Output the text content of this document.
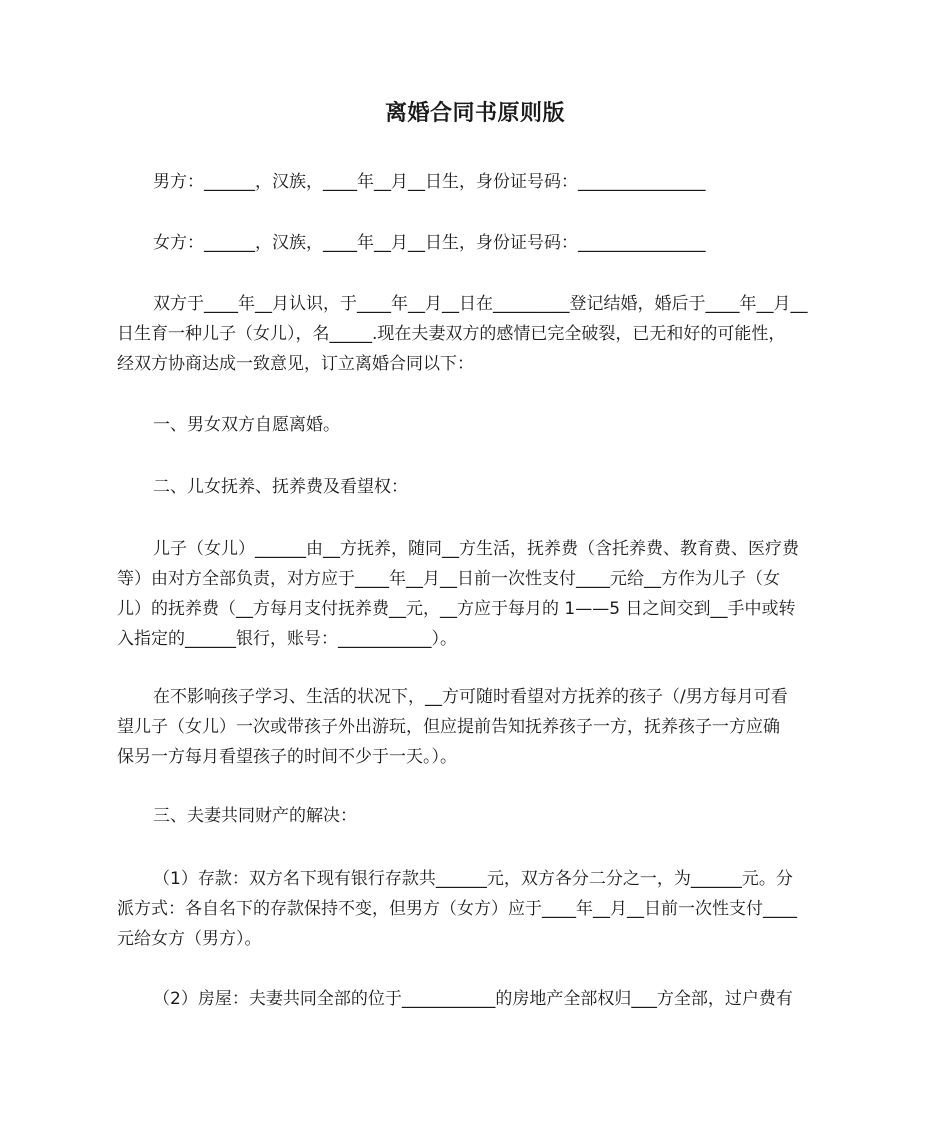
离婚合同书原则版

男方：______，汉族，____年__月__日生，身份证号码：_______________

女方：______，汉族，____年__月__日生，身份证号码：_______________

双方于____年__月认识，于____年__月__日在_________登记结婚，婚后于____年__月__
日生育一种儿子（女儿），名_____.现在夫妻双方的感情已完全破裂，已无和好的可能性，
经双方协商达成一致意见，订立离婚合同以下：

一、男女双方自愿离婚。

二、儿女抚养、抚养费及看望权：

儿子（女儿）______由__方抚养，随同__方生活，抚养费（含托养费、教育费、医疗费
等）由对方全部负责，对方应于____年__月__日前一次性支付____元给__方作为儿子（女
儿）的抚养费（__方每月支付抚养费__元，__方应于每月的 1——5 日之间交到__手中或转
入指定的______银行，账号：___________）。

在不影响孩子学习、生活的状况下，__方可随时看望对方抚养的孩子（/男方每月可看
望儿子（女儿）一次或带孩子外出游玩，但应提前告知抚养孩子一方，抚养孩子一方应确
保另一方每月看望孩子的时间不少于一天。）。

三、夫妻共同财产的解决：

（1）存款：双方名下现有银行存款共______元，双方各分二分之一，为______元。分
派方式：各自名下的存款保持不变，但男方（女方）应于____年__月__日前一次性支付____
元给女方（男方）。

（2）房屋：夫妻共同全部的位于___________的房地产全部权归___方全部，过户费有
